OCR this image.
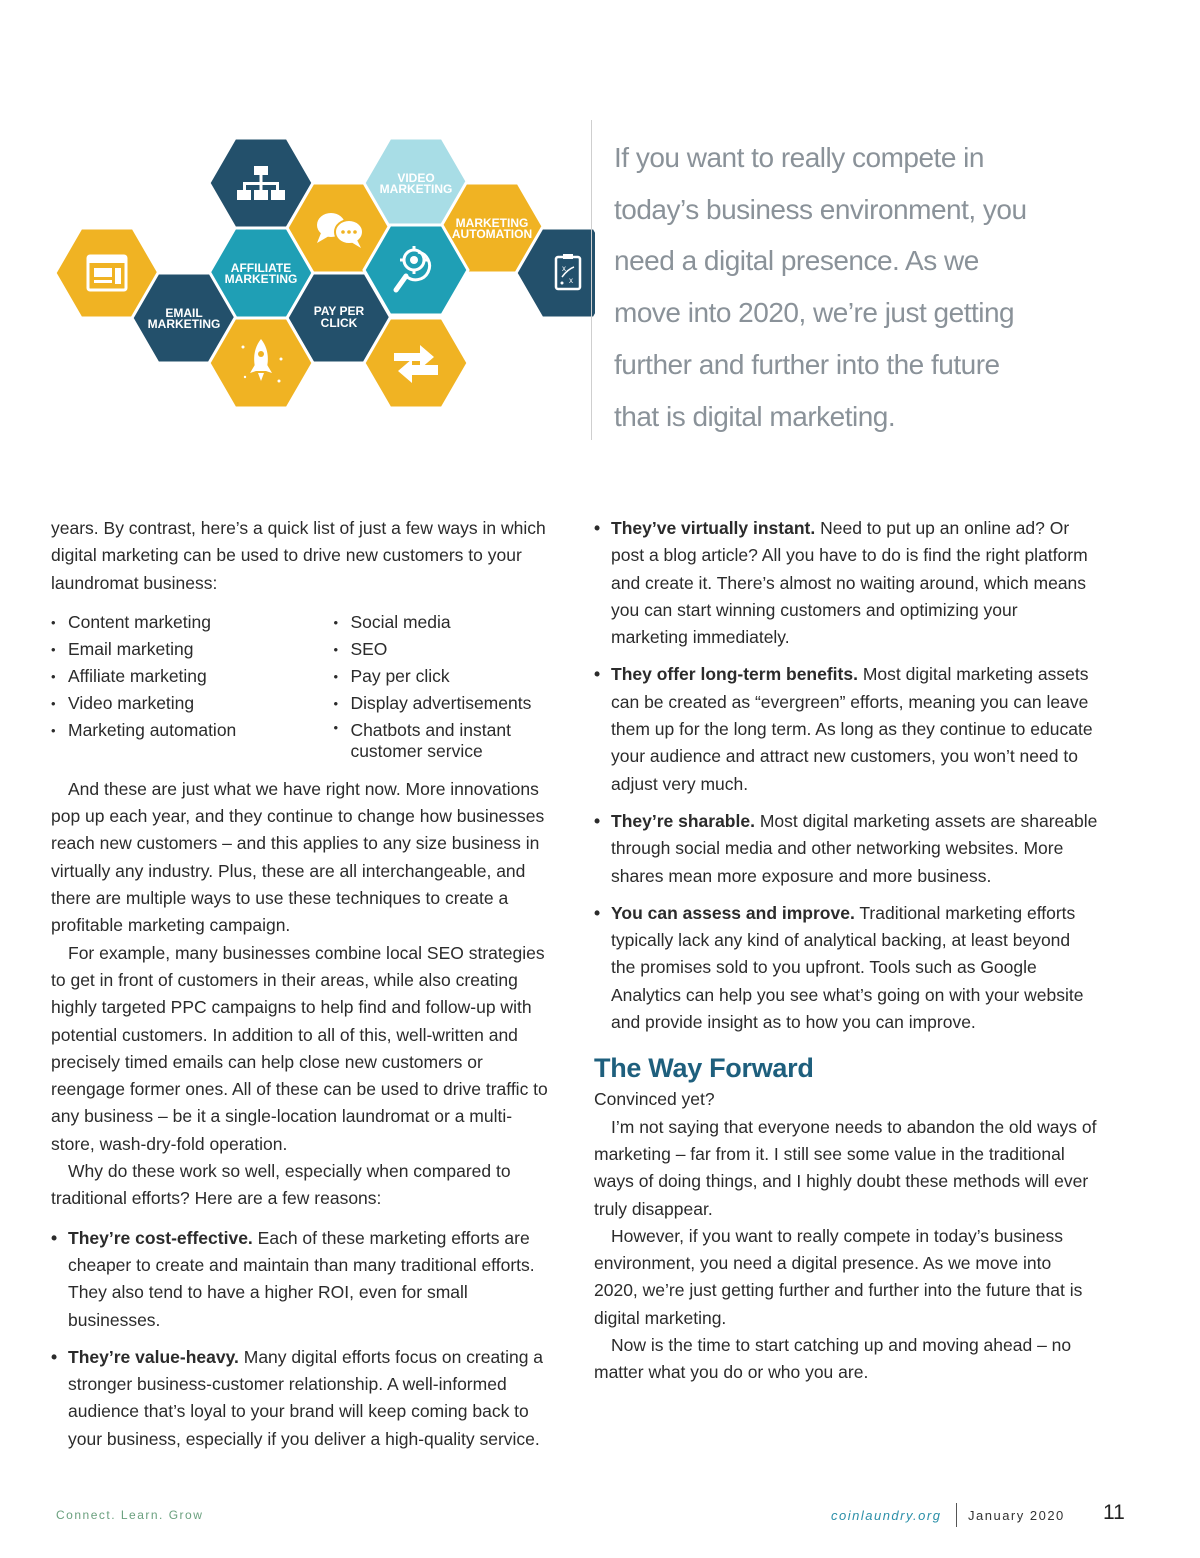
EMAIL MARKETING
AFFILIATE MARKETING
PAY PER CLICK
VIDEO MARKETING
MARKETING AUTOMATION
x
x

If you want to really compete in
today’s business environment, you
need a digital presence. As we
move into 2020, we’re just getting
further and further into the future
that is digital marketing.

years. By contrast, here’s a quick list of just a few ways in which digital marketing can be used to drive new customers to your laundromat business:

• Content marketing
• Email marketing
• Affiliate marketing
• Video marketing
• Marketing automation
• Social media
• SEO
• Pay per click
• Display advertisements
• Chatbots and instant customer service

And these are just what we have right now. More innovations pop up each year, and they continue to change how businesses reach new customers – and this applies to any size business in virtually any industry. Plus, these are all interchangeable, and there are multiple ways to use these techniques to create a profitable marketing campaign.

For example, many businesses combine local SEO strategies to get in front of customers in their areas, while also creating highly targeted PPC campaigns to help find and follow-up with potential customers. In addition to all of this, well-written and precisely timed emails can help close new customers or reengage former ones. All of these can be used to drive traffic to any business – be it a single-location laundromat or a multi-store, wash-dry-fold operation.

Why do these work so well, especially when compared to traditional efforts? Here are a few reasons:

• They’re cost-effective. Each of these marketing efforts are cheaper to create and maintain than many traditional efforts. They also tend to have a higher ROI, even for small businesses.
• They’re value-heavy. Many digital efforts focus on creating a stronger business-customer relationship. A well-informed audience that’s loyal to your brand will keep coming back to your business, especially if you deliver a high-quality service.
• They’ve virtually instant. Need to put up an online ad? Or post a blog article? All you have to do is find the right platform and create it. There’s almost no waiting around, which means you can start winning customers and optimizing your marketing immediately.
• They offer long-term benefits. Most digital marketing assets can be created as “evergreen” efforts, meaning you can leave them up for the long term. As long as they continue to educate your audience and attract new customers, you won’t need to adjust very much.
• They’re sharable. Most digital marketing assets are shareable through social media and other networking websites. More shares mean more exposure and more business.
• You can assess and improve. Traditional marketing efforts typically lack any kind of analytical backing, at least beyond the promises sold to you upfront. Tools such as Google Analytics can help you see what’s going on with your website and provide insight as to how you can improve.
The Way Forward

Convinced yet?

I’m not saying that everyone needs to abandon the old ways of marketing – far from it. I still see some value in the traditional ways of doing things, and I highly doubt these methods will ever truly disappear.

However, if you want to really compete in today’s business environment, you need a digital presence. As we move into 2020, we’re just getting further and further into the future that is digital marketing.

Now is the time to start catching up and moving ahead – no matter what you do or who you are.

Connect. Learn. Grow	coinlaundry.org January 2020 11
